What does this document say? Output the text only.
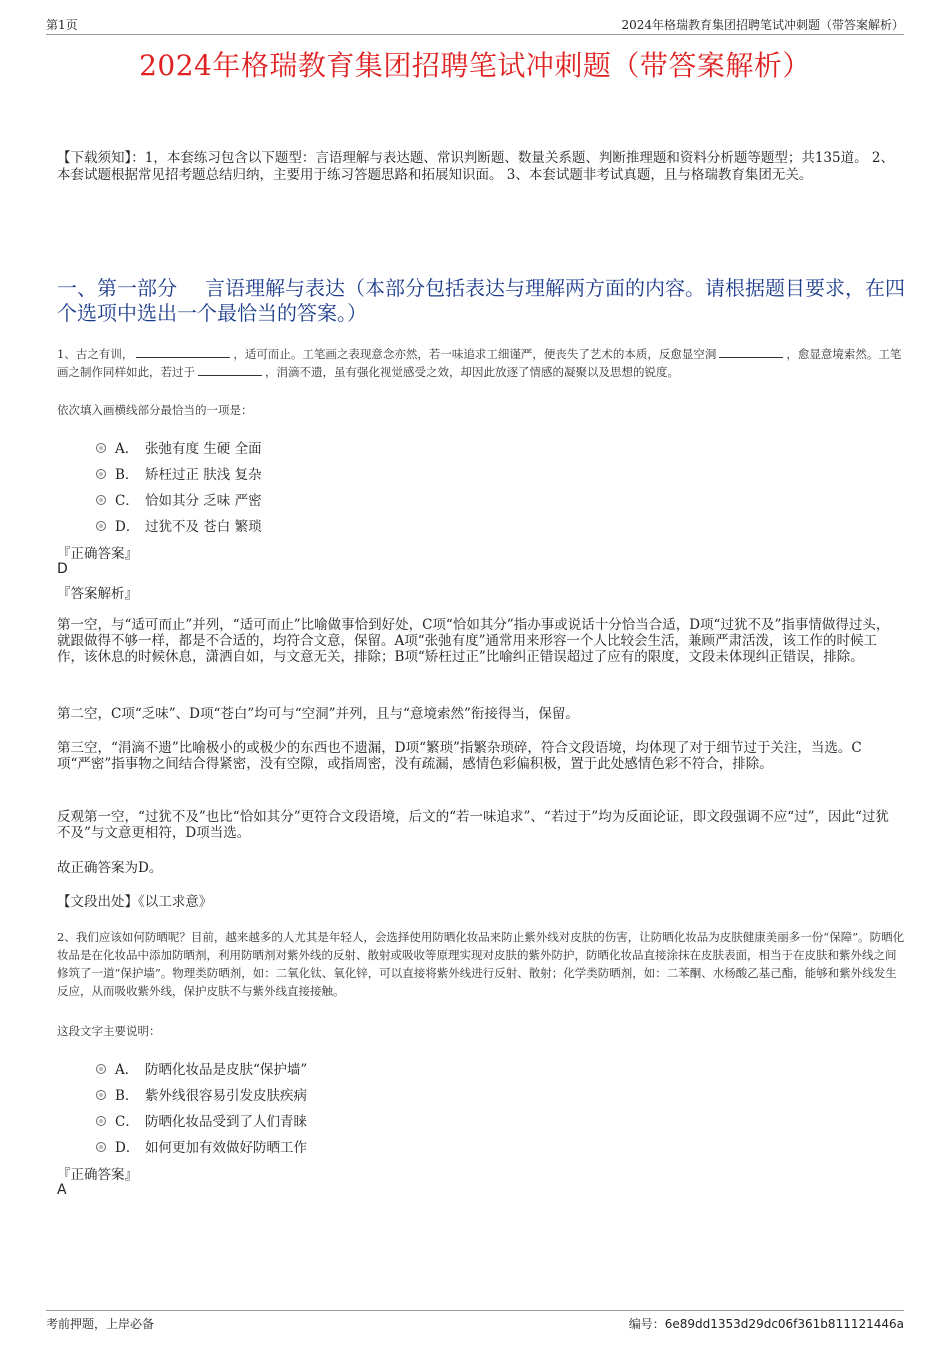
第1页	2024年格瑞教育集团招聘笔试冲刺题（带答案解析）
2024年格瑞教育集团招聘笔试冲刺题（带答案解析）
【下载须知】：1，本套练习包含以下题型：言语理解与表达题、常识判断题、数量关系题、判断推理题和资料分析题等题型；共135道。 2、本套试题根据常见招考题总结归纳，主要用于练习答题思路和拓展知识面。 3、本套试题非考试真题，且与格瑞教育集团无关。
一、第一部分 言语理解与表达（本部分包括表达与理解两方面的内容。请根据题目要求，在四个选项中选出一个最恰当的答案。）
1、古之有训，	，适可而止。工笔画之表现意念亦然，若一味追求工细谨严，便丧失了艺术的本质，反愈显空洞	，愈显意境索然。工笔画之制作同样如此，若过于	，涓滴不遗，虽有强化视觉感受之效，却因此放逐了情感的凝聚以及思想的锐度。
依次填入画横线部分最恰当的一项是：
A． 张弛有度 生硬 全面
B． 矫枉过正 肤浅 复杂
C． 恰如其分 乏味 严密
D． 过犹不及 苍白 繁琐
『正确答案』
D
『答案解析』
第一空，与“适可而止”并列，“适可而止”比喻做事恰到好处，C项“恰如其分”指办事或说话十分恰当合适，D项“过犹不及”指事情做得过头，就跟做得不够一样，都是不合适的，均符合文意，保留。A项“张弛有度”通常用来形容一个人比较会生活，兼顾严肃活泼，该工作的时候工作，该休息的时候休息，潇洒自如，与文意无关，排除；B项“矫枉过正”比喻纠正错误超过了应有的限度，文段未体现纠正错误，排除。
第二空，C项“乏味”、D项“苍白”均可与“空洞”并列，且与“意境索然”衔接得当，保留。
第三空，“涓滴不遗”比喻极小的或极少的东西也不遗漏，D项“繁琐”指繁杂琐碎，符合文段语境，均体现了对于细节过于关注，当选。C项“严密”指事物之间结合得紧密，没有空隙，或指周密，没有疏漏，感情色彩偏积极，置于此处感情色彩不符合，排除。
反观第一空，“过犹不及”也比“恰如其分”更符合文段语境，后文的“若一味追求”、“若过于”均为反面论证，即文段强调不应“过”，因此“过犹不及”与文意更相符，D项当选。
故正确答案为D。
【文段出处】《以工求意》
2、我们应该如何防晒呢？目前，越来越多的人尤其是年轻人，会选择使用防晒化妆品来防止紫外线对皮肤的伤害，让防晒化妆品为皮肤健康美丽多一份“保障”。防晒化妆品是在化妆品中添加防晒剂，利用防晒剂对紫外线的反射、散射或吸收等原理实现对皮肤的紫外防护，防晒化妆品直接涂抹在皮肤表面，相当于在皮肤和紫外线之间修筑了一道“保护墙”。物理类防晒剂，如：二氧化钛、氧化锌，可以直接将紫外线进行反射、散射；化学类防晒剂，如：二苯酮、水杨酸乙基己酯，能够和紫外线发生反应，从而吸收紫外线，保护皮肤不与紫外线直接接触。
这段文字主要说明：
A． 防晒化妆品是皮肤“保护墙”
B． 紫外线很容易引发皮肤疾病
C． 防晒化妆品受到了人们青睐
D． 如何更加有效做好防晒工作
『正确答案』
A
考前押题，上岸必备	编号：6e89dd1353d29dc06f361b811121446a
